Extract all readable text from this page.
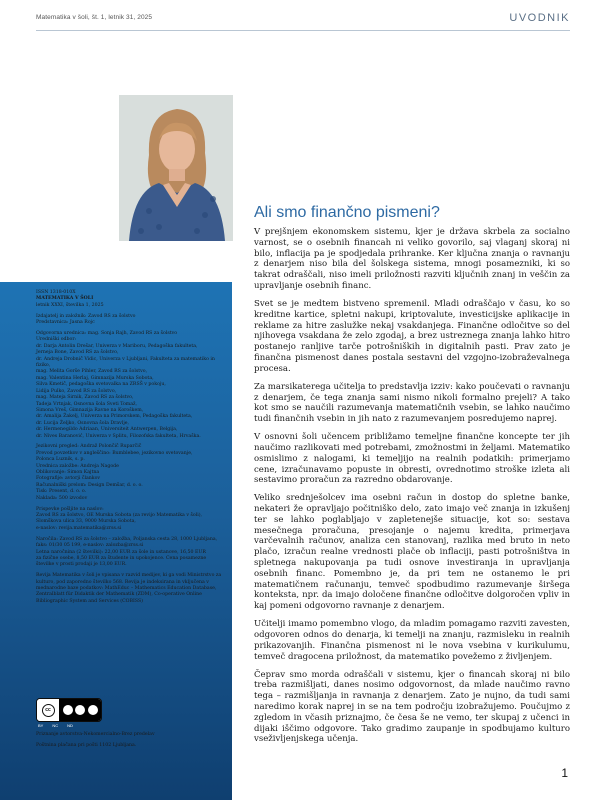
Matematika v šoli, št. 1, letnik 31, 2025	UVODNIK

ISSN 1318-010X

MATEMATIKA V ŠOLI

letnik XXXI, številka 1, 2025

Izdajatelj in založnik: Zavod RS za šolstvo

Predstavnica: Jasna Rojc

Odgovorna urednica: mag. Sonja Rajh, Zavod RS za šolstvo

Uredniški odbor:

dr. Darja Antolin Drešar, Univerza v Mariboru, Pedagoška fakulteta,

Jerneja Bone, Zavod RS za šolstvo,

dr. Andreja Drobnič Vidic, Univerza v Ljubljani, Fakulteta za matematiko in fiziko,

mag. Melita Gorše Pihler, Zavod RS za šolstvo,

mag. Valentina Herlaj, Gimnazija Murska Sobota,

Silva Kmetič, pedagoška svetovalka na ZRSŠ v pokoju,

Lidija Pulko, Zavod RS za šolstvo,

mag. Mateja Sirnik, Zavod RS za šolstvo,

Tadeja Vrtnjak, Osnovna šola Sveti Tomaž,

Simona Vreš, Gimnazija Ravne na Koroškem,

dr. Amalija Žakelj, Univerza na Primorskem, Pedagoška fakulteta,

dr. Lucija Željko, Osnovna šola Dravlje,

dr. Hermenegildo Adriaan, Universiteit Antwerpen, Belgija,

dr. Nives Baranović, Univerza v Splitu, Filozofska fakulteta, Hrvaška.

Jezikovni pregled: Andraž Polončič Ruparčič

Prevod povzetkov v angleščino: Bumblebee, jezikovno svetovanje,

Polonca Luznik, s. p.

Urednica založbe: Andreja Nagode

Oblikovanje: Simon Kajtna

Fotografije: avtorji člankov

Računalniški prelom: Design Demšar, d. o. o.

Tisk: Present, d. o. o.

Naklada: 500 izvodov

Prispevke pošljite na naslov:

Zavod RS za šolstvo, OE Murska Sobota (za revijo Matematika v šoli),

Slomškova ulica 33, 9000 Murska Sobota,

e-naslov: revija.matematika@zrss.si

Naročila: Zavod RS za šolstvo – založba, Poljanska cesta 28, 1000 Ljubljana,

faks: 01/30 05 199, e-naslov: zalozba@zrss.si

Letna naročnina (2 številki): 22,00 EUR za šole in ustanove, 16,50 EUR

za fizične osebe, 8,50 EUR za študente in upokojence. Cena posamezne

številke v prosti prodaji je 13,00 EUR.

Revija Matematika v šoli je vpisana v razvid medijev, ki ga vodi Ministrstvo za kulturo, pod zaporedno številko 568. Revija je indeksirana in vključena v mednarodne baze podatkov: MathEduc – Mathematics Education Database, Zentralblatt für Didaktik der Mathematik (ZDM), Co-operative Online Bibliographic System and Services (COBISS)

cc
BY NC ND

Priznanje avtorstva-Nekomercialno-Brez predelav

Poštnina plačana pri pošti 1102 Ljubljana.

Ali smo finančno pismeni?

V prejšnjem ekonomskem sistemu, kjer je država skrbela za socialno varnost, se o osebnih financah ni veliko govorilo, saj vlaganj skoraj ni bilo, inflacija pa je spodjedala prihranke. Ker ključna znanja o ravnanju z denarjem niso bila del šolskega sistema, mnogi posamezniki, ki so takrat odraščali, niso imeli priložnosti razviti ključnih znanj in veščin za upravljanje osebnih financ.

Svet se je medtem bistveno spremenil. Mladi odraščajo v času, ko so kreditne kartice, spletni nakupi, kriptovalute, investicijske aplikacije in reklame za hitre zaslužke nekaj vsakdanjega. Finančne odločitve so del njihovega vsakdana že zelo zgodaj, a brez ustreznega znanja lahko hitro postanejo ranljive tarče potrošniških in digitalnih pasti. Prav zato je finančna pismenost danes postala sestavni del vzgojno-izobraževalnega procesa.

Za marsikaterega učitelja to predstavlja izziv: kako poučevati o ravnanju z denarjem, če tega znanja sami nismo nikoli formalno prejeli? A tako kot smo se naučili razumevanja matematičnih vsebin, se lahko naučimo tudi finančnih vsebin in jih nato z razumevanjem posredujemo naprej.

V osnovni šoli učencem približamo temeljne finančne koncepte ter jih naučimo razlikovati med potrebami, zmožnostmi in željami. Matematiko osmislimo z nalogami, ki temeljijo na realnih podatkih: primerjamo cene, izračunavamo popuste in obresti, ovrednotimo stroške izleta ali sestavimo proračun za razredno obdarovanje.

Veliko srednješolcev ima osebni račun in dostop do spletne banke, nekateri že opravljajo počitniško delo, zato imajo več znanja in izkušenj ter se lahko poglabljajo v zapletenejše situacije, kot so: sestava mesečnega proračuna, presojanje o najemu kredita, primerjava varčevalnih računov, analiza cen stanovanj, razlika med bruto in neto plačo, izračun realne vrednosti plače ob inflaciji, pasti potrošništva in spletnega nakupovanja pa tudi osnove investiranja in upravljanja osebnih financ. Pomembno je, da pri tem ne ostanemo le pri matematičnem računanju, temveč spodbudimo razumevanje širšega konteksta, npr. da imajo določene finančne odločitve dolgoročen vpliv in kaj pomeni odgovorno ravnanje z denarjem.

Učitelji imamo pomembno vlogo, da mladim pomagamo razviti zavesten, odgovoren odnos do denarja, ki temelji na znanju, razmisleku in realnih prikazovanjih. Finančna pismenost ni le nova vsebina v kurikulumu, temveč dragocena priložnost, da matematiko povežemo z življenjem.

Čeprav smo morda odraščali v sistemu, kjer o financah skoraj ni bilo treba razmišljati, danes nosimo odgovornost, da mlade naučimo ravno tega – razmišljanja in ravnanja z denarjem. Zato je nujno, da tudi sami naredimo korak naprej in se na tem področju izobražujemo. Poučujmo z zgledom in včasih priznajmo, če česa še ne vemo, ter skupaj z učenci in dijaki iščimo odgovore. Tako gradimo zaupanje in spodbujamo kulturo vseživljenjskega učenja.

1
